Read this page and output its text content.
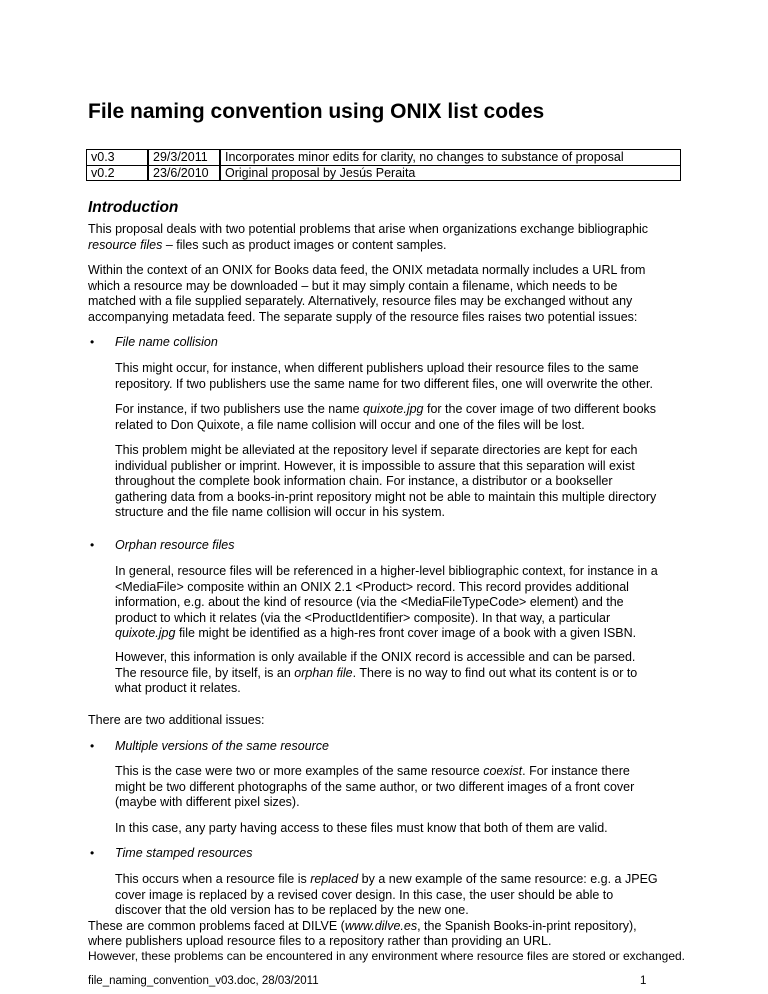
File naming convention using ONIX list codes
v0.3	29/3/2011	Incorporates minor edits for clarity, no changes to substance of proposal
v0.2	23/6/2010	Original proposal by Jesús Peraita
Introduction
This proposal deals with two potential problems that arise when organizations exchange bibliographic
resource files – files such as product images or content samples.
Within the context of an ONIX for Books data feed, the ONIX metadata normally includes a URL from
which a resource may be downloaded – but it may simply contain a filename, which needs to be
matched with a file supplied separately. Alternatively, resource files may be exchanged without any
accompanying metadata feed. The separate supply of the resource files raises two potential issues:
• File name collision
This might occur, for instance, when different publishers upload their resource files to the same
repository. If two publishers use the same name for two different files, one will overwrite the other.
For instance, if two publishers use the name quixote.jpg for the cover image of two different books
related to Don Quixote, a file name collision will occur and one of the files will be lost.
This problem might be alleviated at the repository level if separate directories are kept for each
individual publisher or imprint. However, it is impossible to assure that this separation will exist
throughout the complete book information chain. For instance, a distributor or a bookseller
gathering data from a books-in-print repository might not be able to maintain this multiple directory
structure and the file name collision will occur in his system.
• Orphan resource files
In general, resource files will be referenced in a higher-level bibliographic context, for instance in a
<MediaFile> composite within an ONIX 2.1 <Product> record. This record provides additional
information, e.g. about the kind of resource (via the <MediaFileTypeCode> element) and the
product to which it relates (via the <ProductIdentifier> composite). In that way, a particular
quixote.jpg file might be identified as a high-res front cover image of a book with a given ISBN.
However, this information is only available if the ONIX record is accessible and can be parsed.
The resource file, by itself, is an orphan file. There is no way to find out what its content is or to
what product it relates.
There are two additional issues:
• Multiple versions of the same resource
This is the case were two or more examples of the same resource coexist. For instance there
might be two different photographs of the same author, or two different images of a front cover
(maybe with different pixel sizes).
In this case, any party having access to these files must know that both of them are valid.
• Time stamped resources
This occurs when a resource file is replaced by a new example of the same resource: e.g. a JPEG
cover image is replaced by a revised cover design. In this case, the user should be able to
discover that the old version has to be replaced by the new one.
file_naming_convention_v03.doc, 28/03/2011	1
These are common problems faced at DILVE (www.dilve.es, the Spanish Books-in-print repository),
where publishers upload resource files to a repository rather than providing an URL.
However, these problems can be encountered in any environment where resource files are stored or exchanged.
